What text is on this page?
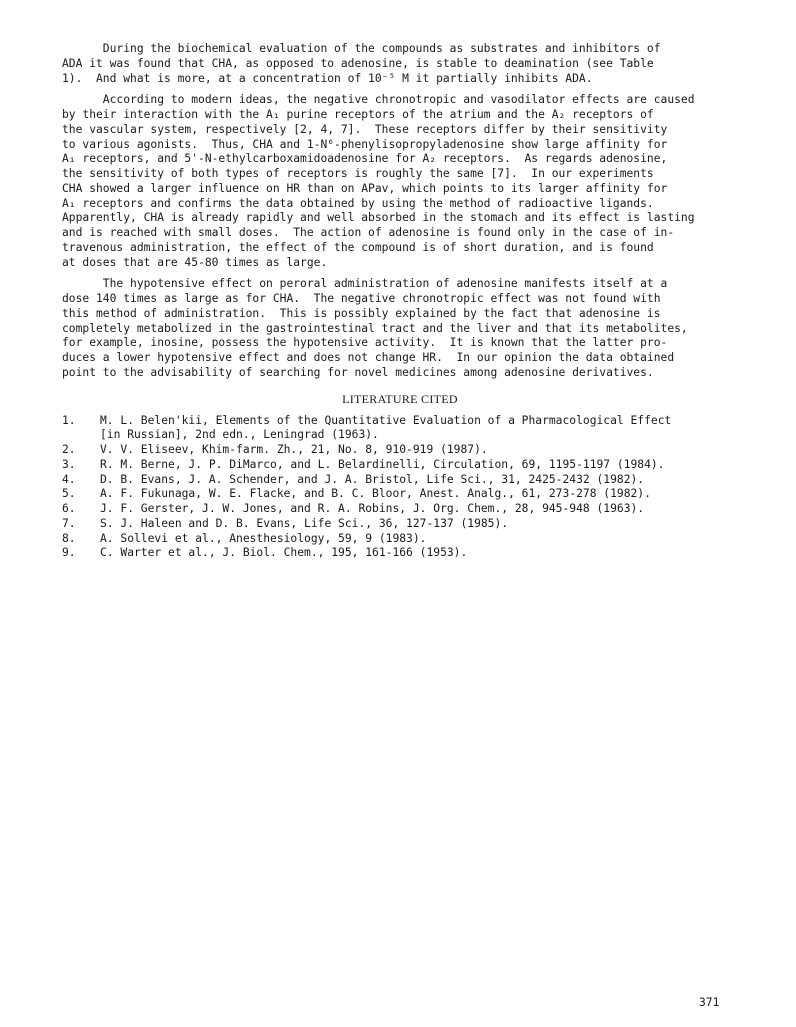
During the biochemical evaluation of the compounds as substrates and inhibitors of
ADA it was found that CHA, as opposed to adenosine, is stable to deamination (see Table
1).  And what is more, at a concentration of 10⁻⁵ M it partially inhibits ADA.
According to modern ideas, the negative chronotropic and vasodilator effects are caused
by their interaction with the A₁ purine receptors of the atrium and the A₂ receptors of
the vascular system, respectively [2, 4, 7].  These receptors differ by their sensitivity
to various agonists.  Thus, CHA and 1-N⁶-phenylisopropyladenosine show large affinity for
A₁ receptors, and 5'-N-ethylcarboxamidoadenosine for A₂ receptors.  As regards adenosine,
the sensitivity of both types of receptors is roughly the same [7].  In our experiments
CHA showed a larger influence on HR than on APav, which points to its larger affinity for
A₁ receptors and confirms the data obtained by using the method of radioactive ligands.
Apparently, CHA is already rapidly and well absorbed in the stomach and its effect is lasting
and is reached with small doses.  The action of adenosine is found only in the case of in-
travenous administration, the effect of the compound is of short duration, and is found
at doses that are 45-80 times as large.
The hypotensive effect on peroral administration of adenosine manifests itself at a
dose 140 times as large as for CHA.  The negative chronotropic effect was not found with
this method of administration.  This is possibly explained by the fact that adenosine is
completely metabolized in the gastrointestinal tract and the liver and that its metabolites,
for example, inosine, possess the hypotensive activity.  It is known that the latter pro-
duces a lower hypotensive effect and does not change HR.  In our opinion the data obtained
point to the advisability of searching for novel medicines among adenosine derivatives.
LITERATURE CITED
1. M. L. Belen'kii, Elements of the Quantitative Evaluation of a Pharmacological Effect
[in Russian], 2nd edn., Leningrad (1963).
2. V. V. Eliseev, Khim-farm. Zh., 21, No. 8, 910-919 (1987).
3. R. M. Berne, J. P. DiMarco, and L. Belardinelli, Circulation, 69, 1195-1197 (1984).
4. D. B. Evans, J. A. Schender, and J. A. Bristol, Life Sci., 31, 2425-2432 (1982).
5. A. F. Fukunaga, W. E. Flacke, and B. C. Bloor, Anest. Analg., 61, 273-278 (1982).
6. J. F. Gerster, J. W. Jones, and R. A. Robins, J. Org. Chem., 28, 945-948 (1963).
7. S. J. Haleen and D. B. Evans, Life Sci., 36, 127-137 (1985).
8. A. Sollevi et al., Anesthesiology, 59, 9 (1983).
9. C. Warter et al., J. Biol. Chem., 195, 161-166 (1953).
371
